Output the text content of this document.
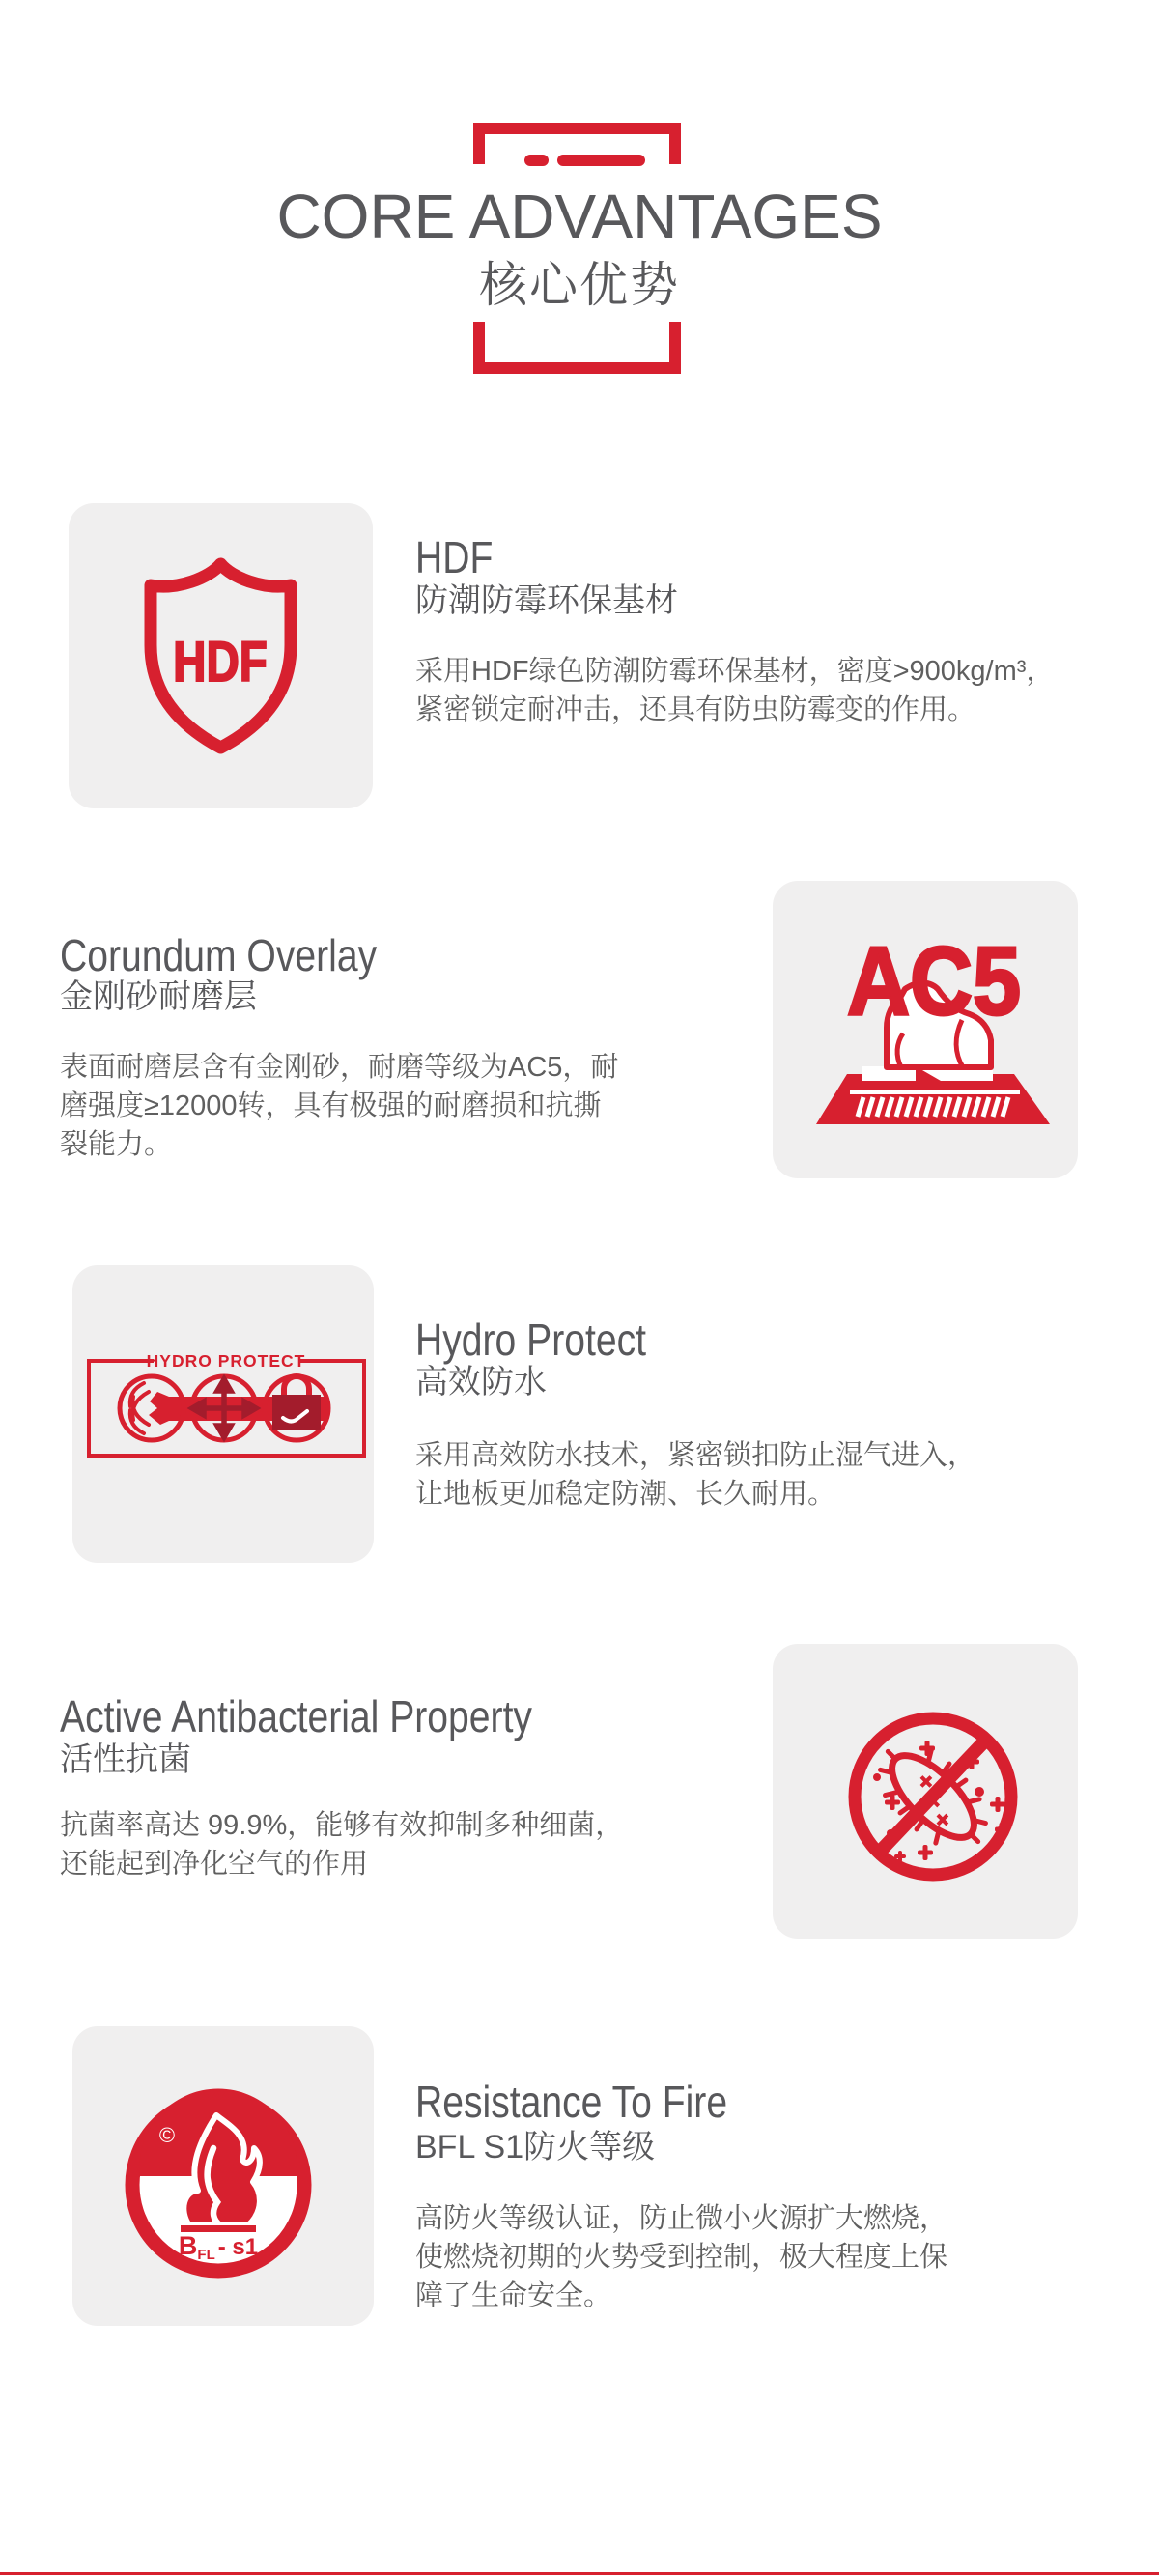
CORE ADVANTAGES
核心优势
HDF
HDF
防潮防霉环保基材
采用HDF绿色防潮防霉环保基材，密度>900kg/m³，
紧密锁定耐冲击，还具有防虫防霉变的作用。
Corundum Overlay
金刚砂耐磨层
表面耐磨层含有金刚砂，耐磨等级为AC5，耐
磨强度≥12000转，具有极强的耐磨损和抗撕
裂能力。
AC5
HYDRO PROTECT Hydro Protect
高效防水
采用高效防水技术，紧密锁扣防止湿气进入，
让地板更加稳定防潮、长久耐用。
Active Antibacterial Property
活性抗菌
抗菌率高达 99.9%，能够有效抑制多种细菌，
还能起到净化空气的作用
©
BFL - s1
Resistance To Fire
BFL S1防火等级
高防火等级认证，防止微小火源扩大燃烧，
使燃烧初期的火势受到控制，极大程度上保
障了生命安全。
